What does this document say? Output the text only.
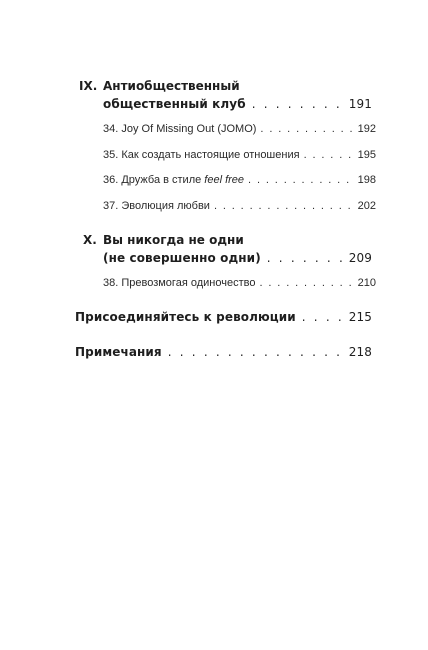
IX. Антиобщественный
общественный клуб . . .	191
34. Joy Of Missing Out (JOMO) . . .	192
35. Как создать настоящие отношения . . .	195
36. Дружба в стиле feel free . . .	198
37. Эволюция любви . . .	202
X. Вы никогда не одни
(не совершенно одни) . . .	209
38. Превозмогая одиночество . . .	210
Присоединяйтесь к революции . . .	215
Примечания . . .	218
